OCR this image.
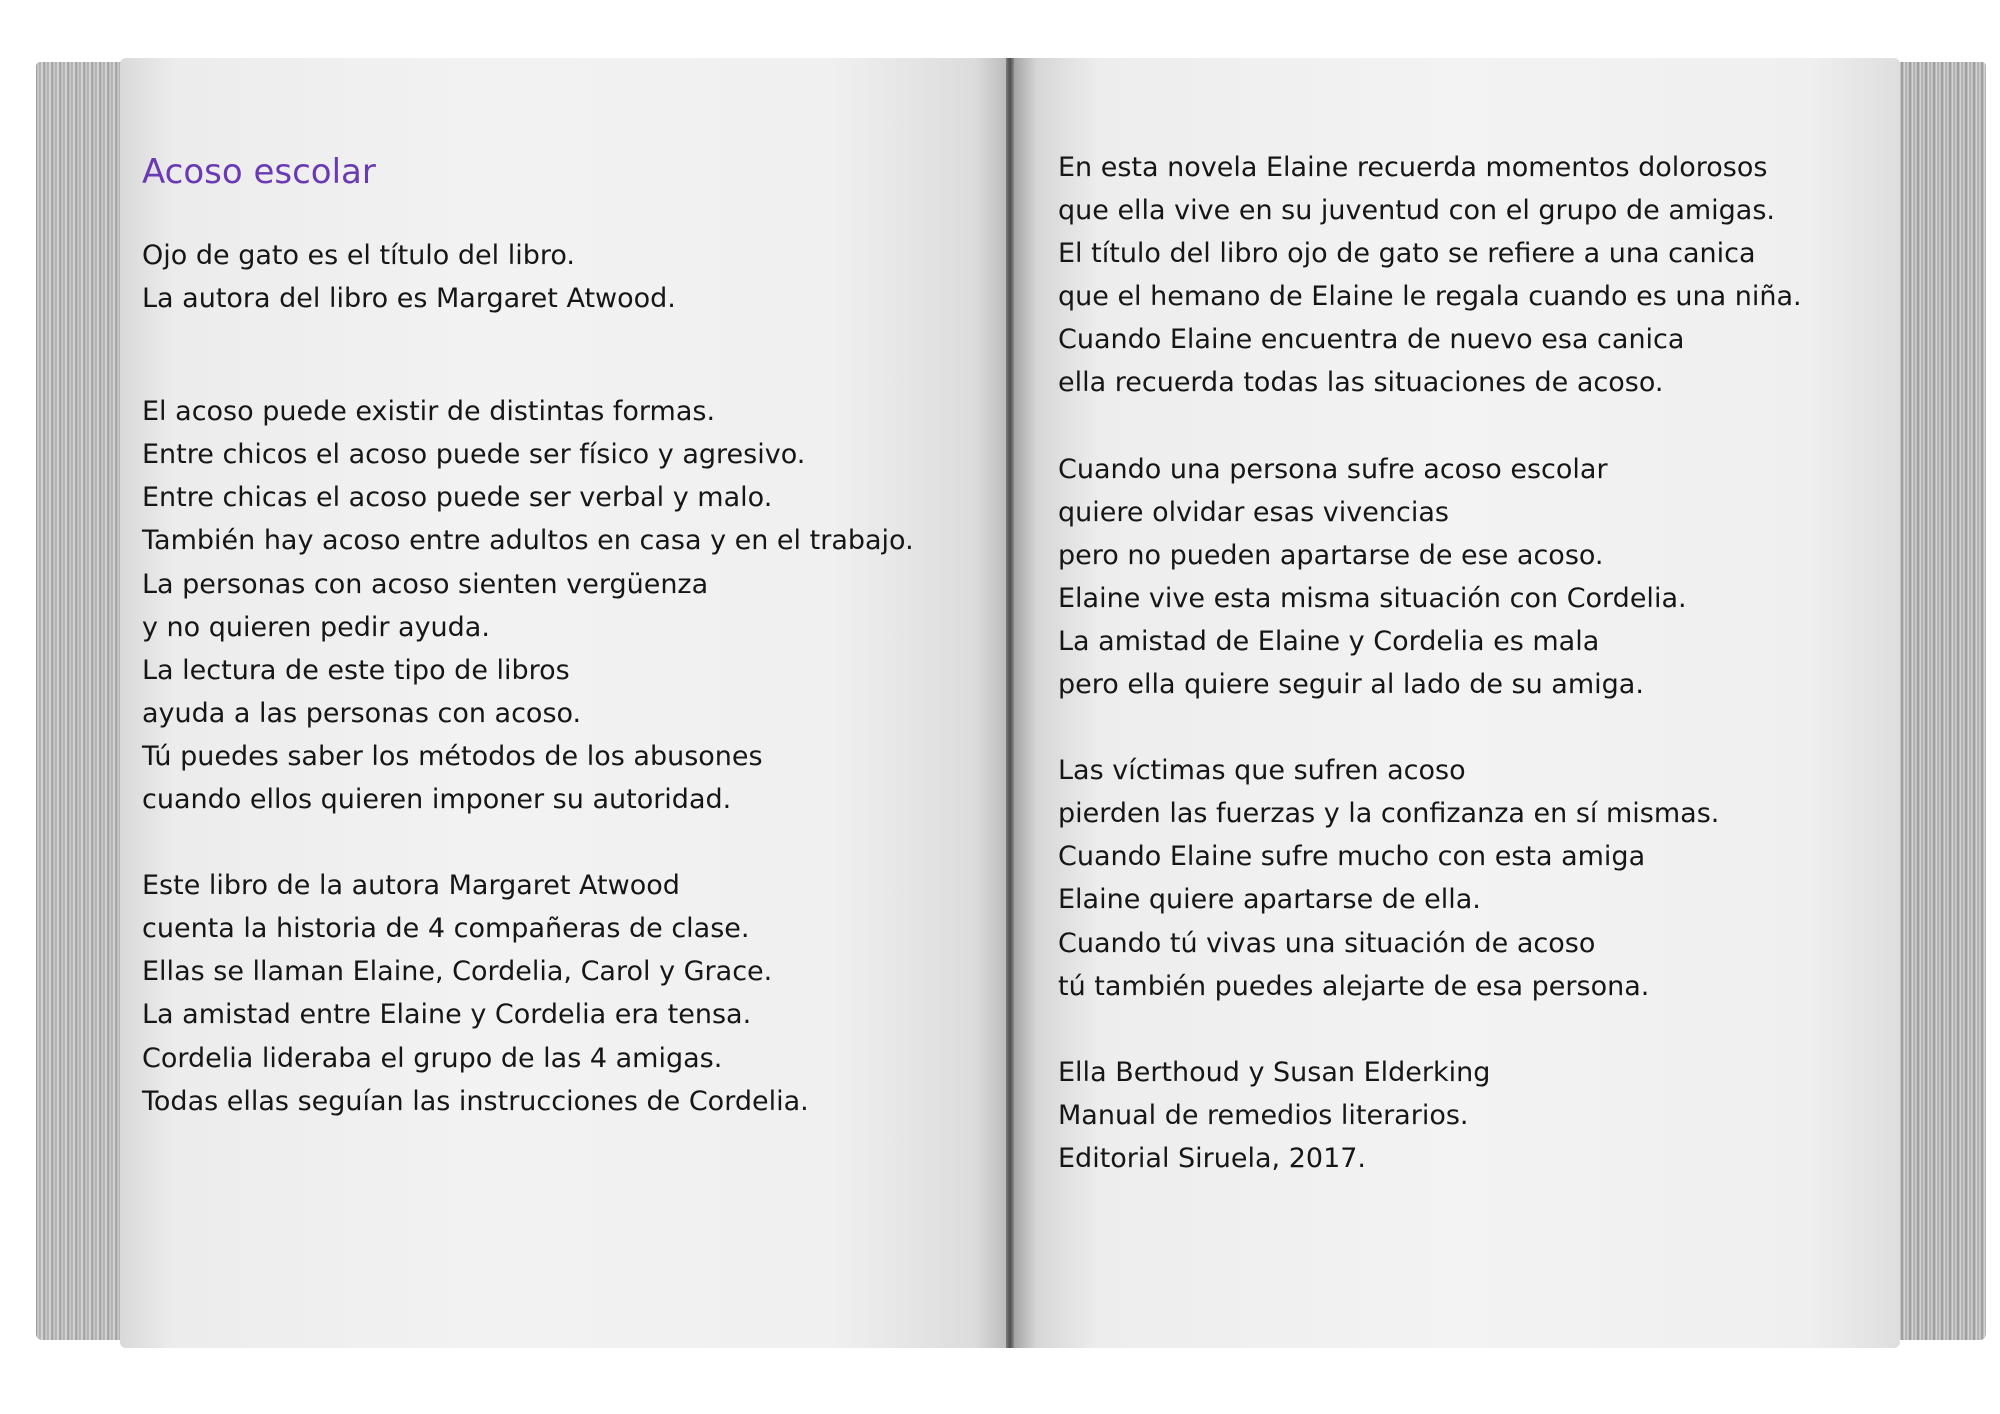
Acoso escolar
Ojo de gato es el título del libro.
La autora del libro es Margaret Atwood.
El acoso puede existir de distintas formas.
Entre chicos el acoso puede ser físico y agresivo.
Entre chicas el acoso puede ser verbal y malo.
También hay acoso entre adultos en casa y en el trabajo.
La personas con acoso sienten vergüenza
y no quieren pedir ayuda.
La lectura de este tipo de libros
ayuda a las personas con acoso.
Tú puedes saber los métodos de los abusones
cuando ellos quieren imponer su autoridad.
Este libro de la autora Margaret Atwood
cuenta la historia de 4 compañeras de clase.
Ellas se llaman Elaine, Cordelia, Carol y Grace.
La amistad entre Elaine y Cordelia era tensa.
Cordelia lideraba el grupo de las 4 amigas.
Todas ellas seguían las instrucciones de Cordelia.
En esta novela Elaine recuerda momentos dolorosos
que ella vive en su juventud con el grupo de amigas.
El título del libro ojo de gato se refiere a una canica
que el hemano de Elaine le regala cuando es una niña.
Cuando Elaine encuentra de nuevo esa canica
ella recuerda todas las situaciones de acoso.
Cuando una persona sufre acoso escolar
quiere olvidar esas vivencias
pero no pueden apartarse de ese acoso.
Elaine vive esta misma situación con Cordelia.
La amistad de Elaine y Cordelia es mala
pero ella quiere seguir al lado de su amiga.
Las víctimas que sufren acoso
pierden las fuerzas y la confizanza en sí mismas.
Cuando Elaine sufre mucho con esta amiga
Elaine quiere apartarse de ella.
Cuando tú vivas una situación de acoso
tú también puedes alejarte de esa persona.
Ella Berthoud y Susan Elderking
Manual de remedios literarios.
Editorial Siruela, 2017.
